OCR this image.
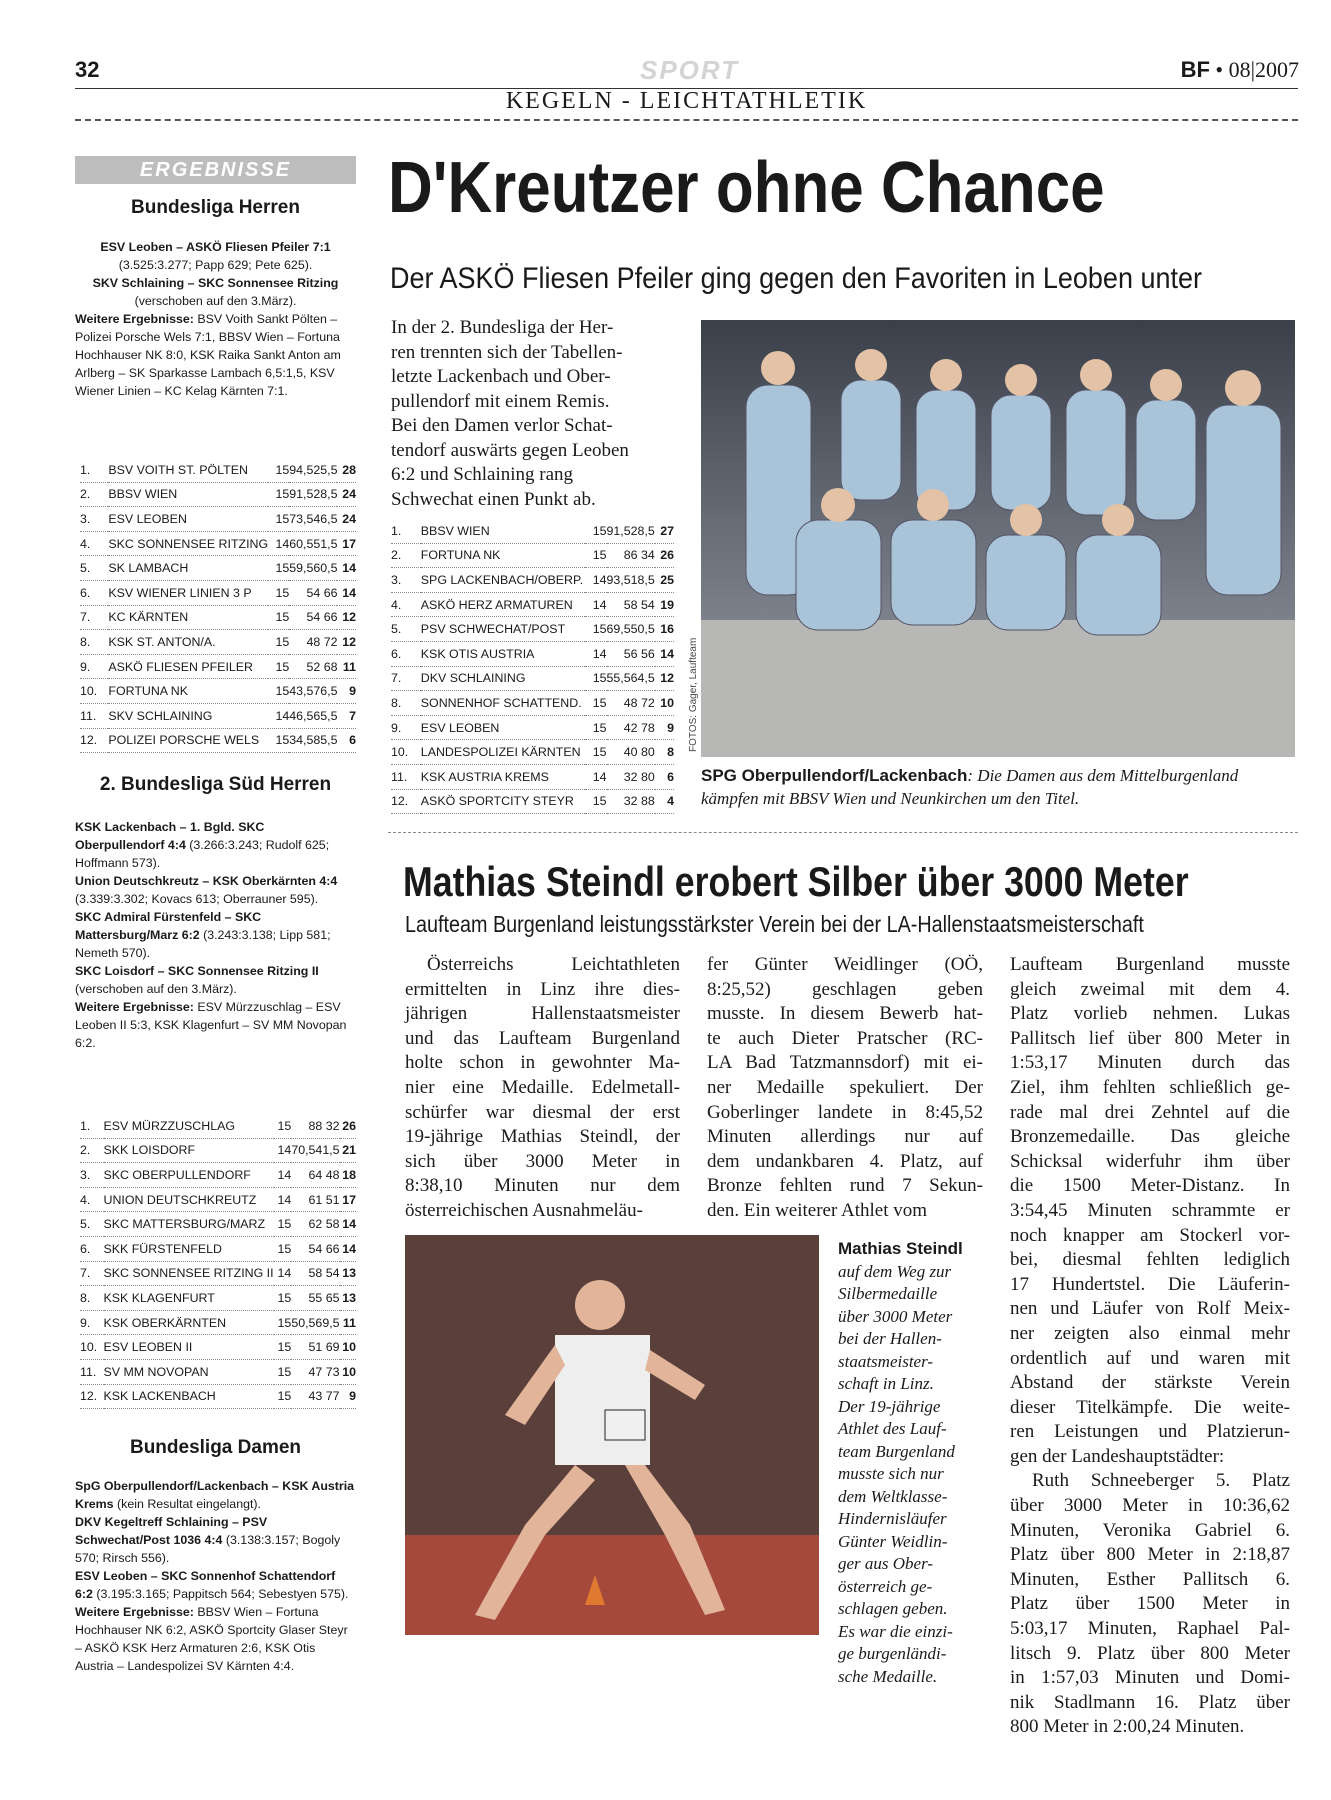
32	SPORT	BF • 08|2007
KEGELN - LEICHTATHLETIK
ERGEBNISSE
Bundesliga Herren
ESV Leoben – ASKÖ Fliesen Pfeiler 7:1 (3.525:3.277; Papp 629; Pete 625).
SKV Schlaining – SKC Sonnensee Ritzing (verschoben auf den 3.März).
Weitere Ergebnisse: BSV Voith Sankt Pölten – Polizei Porsche Wels 7:1, BBSV Wien – Fortuna Hochhauser NK 8:0, KSK Raika Sankt Anton am Arlberg – SK Sparkasse Lambach 6,5:1,5, KSV Wiener Linien – KC Kelag Kärnten 7:1.
1.	BSV VOITH ST. PÖLTEN	15	94,525,5	28
2.	BBSV WIEN	15	91,528,5	24
3.	ESV LEOBEN	15	73,546,5	24
4.	SKC SONNENSEE RITZING	14	60,551,5	17
5.	SK LAMBACH	15	59,560,5	14
6.	KSV WIENER LINIEN 3 P	15	54 66	14
7.	KC KÄRNTEN	15	54 66	12
8.	KSK ST. ANTON/A.	15	48 72	12
9.	ASKÖ FLIESEN PFEILER	15	52 68	11
10.	FORTUNA NK	15	43,576,5	9
11.	SKV SCHLAINING	14	46,565,5	7
12.	POLIZEI PORSCHE WELS	15	34,585,5	6
2. Bundesliga Süd Herren
KSK Lackenbach – 1. Bgld. SKC Oberpullendorf 4:4 (3.266:3.243; Rudolf 625; Hoffmann 573).
Union Deutschkreutz – KSK Oberkärnten 4:4 (3.339:3.302; Kovacs 613; Oberrauner 595).
SKC Admiral Fürstenfeld – SKC Mattersburg/Marz 6:2 (3.243:3.138; Lipp 581; Nemeth 570).
SKC Loisdorf – SKC Sonnensee Ritzing II (verschoben auf den 3.März).
Weitere Ergebnisse: ESV Mürzzuschlag – ESV Leoben II 5:3, KSK Klagenfurt – SV MM Novopan 6:2.
1.	ESV MÜRZZUSCHLAG	15	88 32	26
2.	SKK LOISDORF	14	70,541,5	21
3.	SKC OBERPULLENDORF	14	64 48	18
4.	UNION DEUTSCHKREUTZ	14	61 51	17
5.	SKC MATTERSBURG/MARZ	15	62 58	14
6.	SKK FÜRSTENFELD	15	54 66	14
7.	SKC SONNENSEE RITZING II	14	58 54	13
8.	KSK KLAGENFURT	15	55 65	13
9.	KSK OBERKÄRNTEN	15	50,569,5	11
10.	ESV LEOBEN II	15	51 69	10
11.	SV MM NOVOPAN	15	47 73	10
12.	KSK LACKENBACH	15	43 77	9
Bundesliga Damen
SpG Oberpullendorf/Lackenbach – KSK Austria Krems (kein Resultat eingelangt).
DKV Kegeltreff Schlaining – PSV Schwechat/Post 1036 4:4 (3.138:3.157; Bogoly 570; Rirsch 556).
ESV Leoben – SKC Sonnenhof Schattendorf 6:2 (3.195:3.165; Pappitsch 564; Sebestyen 575).
Weitere Ergebnisse: BBSV Wien – Fortuna Hochhauser NK 6:2, ASKÖ Sportcity Glaser Steyr – ASKÖ KSK Herz Armaturen 2:6, KSK Otis Austria – Landespolizei SV Kärnten 4:4.
D'Kreutzer ohne Chance
Der ASKÖ Fliesen Pfeiler ging gegen den Favoriten in Leoben unter
In der 2. Bundesliga der Her-
ren trennten sich der Tabellen-
letzte Lackenbach und Ober-
pullendorf mit einem Remis.
Bei den Damen verlor Schat-
tendorf auswärts gegen Leoben
6:2 und Schlaining rang
Schwechat einen Punkt ab.
1.	BBSV WIEN	15	91,528,5	27
2.	FORTUNA NK	15	86 34	26
3.	SPG LACKENBACH/OBERP.	14	93,518,5	25
4.	ASKÖ HERZ ARMATUREN	14	58 54	19
5.	PSV SCHWECHAT/POST	15	69,550,5	16
6.	KSK OTIS AUSTRIA	14	56 56	14
7.	DKV SCHLAINING	15	55,564,5	12
8.	SONNENHOF SCHATTEND.	15	48 72	10
9.	ESV LEOBEN	15	42 78	9
10.	LANDESPOLIZEI KÄRNTEN	15	40 80	8
11.	KSK AUSTRIA KREMS	14	32 80	6
12.	ASKÖ SPORTCITY STEYR	15	32 88	4
FOTOS: Gager, Laufteam
SPG Oberpullendorf/Lackenbach: Die Damen aus dem Mittelburgenland kämpfen mit BBSV Wien und Neunkirchen um den Titel.
Mathias Steindl erobert Silber über 3000 Meter
Laufteam Burgenland leistungsstärkster Verein bei der LA-Hallenstaatsmeisterschaft
Österreichs Leichtathleten
ermittelten in Linz ihre dies-
jährigen Hallenstaatsmeister
und das Laufteam Burgenland
holte schon in gewohnter Ma-
nier eine Medaille. Edelmetall-
schürfer war diesmal der erst
19-jährige Mathias Steindl, der
sich über 3000 Meter in
8:38,10 Minuten nur dem
österreichischen Ausnahmeläu-
fer Günter Weidlinger (OÖ,
8:25,52) geschlagen geben
musste. In diesem Bewerb hat-
te auch Dieter Pratscher (RC-
LA Bad Tatzmannsdorf) mit ei-
ner Medaille spekuliert. Der
Goberlinger landete in 8:45,52
Minuten allerdings nur auf
dem undankbaren 4. Platz, auf
Bronze fehlten rund 7 Sekun-
den. Ein weiterer Athlet vom
Laufteam Burgenland musste
gleich zweimal mit dem 4.
Platz vorlieb nehmen. Lukas
Pallitsch lief über 800 Meter in
1:53,17 Minuten durch das
Ziel, ihm fehlten schließlich ge-
rade mal drei Zehntel auf die
Bronzemedaille. Das gleiche
Schicksal widerfuhr ihm über
die 1500 Meter-Distanz. In
3:54,45 Minuten schrammte er
noch knapper am Stockerl vor-
bei, diesmal fehlten lediglich
17 Hundertstel. Die Läuferin-
nen und Läufer von Rolf Meix-
ner zeigten also einmal mehr
ordentlich auf und waren mit
Abstand der stärkste Verein
dieser Titelkämpfe. Die weite-
ren Leistungen und Platzierun-
gen der Landeshauptstädter:
Ruth Schneeberger 5. Platz
über 3000 Meter in 10:36,62
Minuten, Veronika Gabriel 6.
Platz über 800 Meter in 2:18,87
Minuten, Esther Pallitsch 6.
Platz über 1500 Meter in
5:03,17 Minuten, Raphael Pal-
litsch 9. Platz über 800 Meter
in 1:57,03 Minuten und Domi-
nik Stadlmann 16. Platz über
800 Meter in 2:00,24 Minuten.
Mathias Steindl
auf dem Weg zur
Silbermedaille
über 3000 Meter
bei der Hallen-
staatsmeister-
schaft in Linz.
Der 19-jährige
Athlet des Lauf-
team Burgenland
musste sich nur
dem Weltklasse-
Hindernisläufer
Günter Weidlin-
ger aus Ober-
österreich ge-
schlagen geben.
Es war die einzi-
ge burgenländi-
sche Medaille.
